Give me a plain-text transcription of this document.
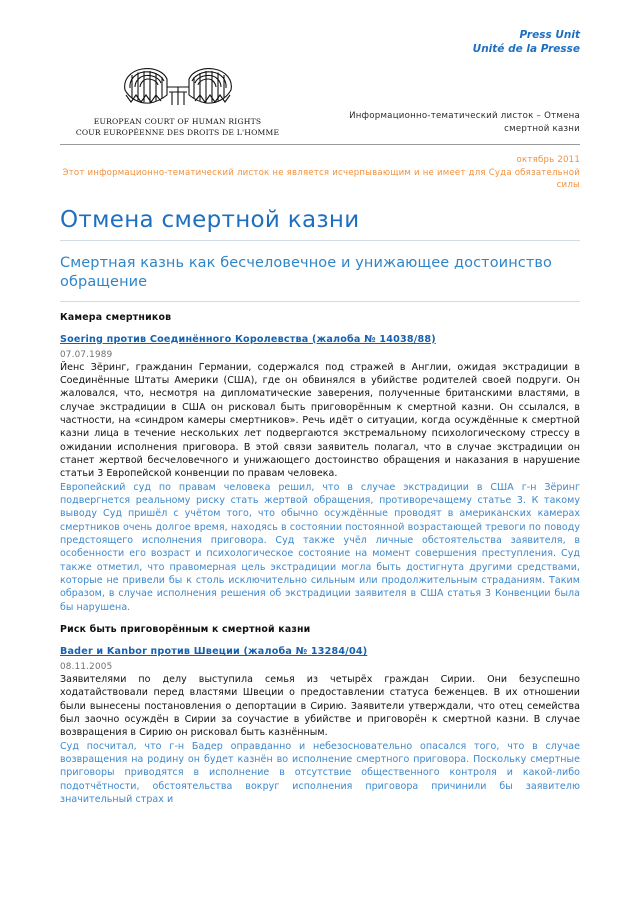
Press Unit
Unité de la Presse
EUROPEAN COURT OF HUMAN RIGHTS
COUR EUROPÉENNE DES DROITS DE L'HOMME
Информационно-тематический листок – Отмена смертной казни
октябрь 2011
Этот информационно-тематический листок не является исчерпывающим и не имеет для Суда обязательной силы
Отмена смертной казни
Смертная казнь как бесчеловечное и унижающее достоинство обращение
Камера смертников
Soering против Соединённого Королевства (жалоба № 14038/88)
07.07.1989

Йенс Зёринг, гражданин Германии, содержался под стражей в Англии, ожидая экстрадиции в Соединённые Штаты Америки (США), где он обвинялся в убийстве родителей своей подруги. Он жаловался, что, несмотря на дипломатические заверения, полученные британскими властями, в случае экстрадиции в США он рисковал быть приговорённым к смертной казни. Он ссылался, в частности, на «синдром камеры смертников». Речь идёт о ситуации, когда осуждённые к смертной казни лица в течение нескольких лет подвергаются экстремальному психологическому стрессу в ожидании исполнения приговора. В этой связи заявитель полагал, что в случае экстрадиции он станет жертвой бесчеловечного и унижающего достоинство обращения и наказания в нарушение статьи 3 Европейской конвенции по правам человека.

Европейский суд по правам человека решил, что в случае экстрадиции в США г-н Зёринг подвергнется реальному риску стать жертвой обращения, противоречащему статье 3. К такому выводу Суд пришёл с учётом того, что обычно осуждённые проводят в американских камерах смертников очень долгое время, находясь в состоянии постоянной возрастающей тревоги по поводу предстоящего исполнения приговора. Суд также учёл личные обстоятельства заявителя, в особенности его возраст и психологическое состояние на момент совершения преступления. Суд также отметил, что правомерная цель экстрадиции могла быть достигнута другими средствами, которые не привели бы к столь исключительно сильным или продолжительным страданиям. Таким образом, в случае исполнения решения об экстрадиции заявителя в США статья 3 Конвенции была бы нарушена.

Риск быть приговорённым к смертной казни
Bader и Kanbor против Швеции (жалоба № 13284/04)
08.11.2005

Заявителями по делу выступила семья из четырёх граждан Сирии. Они безуспешно ходатайствовали перед властями Швеции о предоставлении статуса беженцев. В их отношении были вынесены постановления о депортации в Сирию. Заявители утверждали, что отец семейства был заочно осуждён в Сирии за соучастие в убийстве и приговорён к смертной казни. В случае возвращения в Сирию он рисковал быть казнённым.

Суд посчитал, что г-н Бадер оправданно и небезосновательно опасался того, что в случае возвращения на родину он будет казнён во исполнение смертного приговора. Поскольку смертные приговоры приводятся в исполнение в отсутствие общественного контроля и какой-либо подотчётности, обстоятельства вокруг исполнения приговора причинили бы заявителю значительный страх и
